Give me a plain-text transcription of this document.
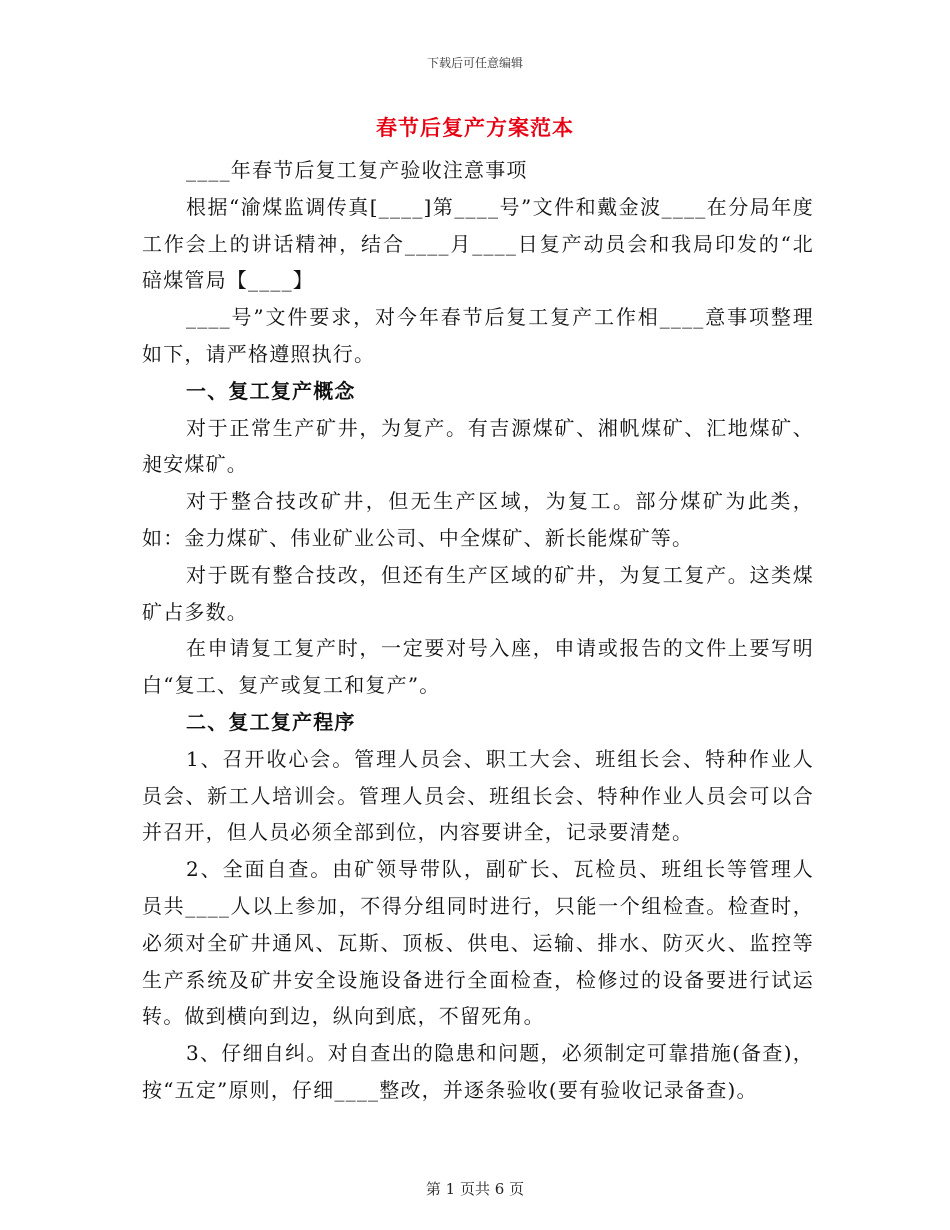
下载后可任意编辑
春节后复产方案范本

____年春节后复工复产验收注意事项

根据“渝煤监调传真[____]第____号”文件和戴金波____在分局年度工作会上的讲话精神，结合____月____日复产动员会和我局印发的“北碚煤管局【____】

____号”文件要求，对今年春节后复工复产工作相____意事项整理如下，请严格遵照执行。

一、复工复产概念

对于正常生产矿井，为复产。有吉源煤矿、湘帆煤矿、汇地煤矿、昶安煤矿。

对于整合技改矿井，但无生产区域，为复工。部分煤矿为此类，如：金力煤矿、伟业矿业公司、中全煤矿、新长能煤矿等。

对于既有整合技改，但还有生产区域的矿井，为复工复产。这类煤矿占多数。

在申请复工复产时，一定要对号入座，申请或报告的文件上要写明白“复工、复产或复工和复产”。

二、复工复产程序

1、召开收心会。管理人员会、职工大会、班组长会、特种作业人员会、新工人培训会。管理人员会、班组长会、特种作业人员会可以合并召开，但人员必须全部到位，内容要讲全，记录要清楚。

2、全面自查。由矿领导带队，副矿长、瓦检员、班组长等管理人员共____人以上参加，不得分组同时进行，只能一个组检查。检查时，必须对全矿井通风、瓦斯、顶板、供电、运输、排水、防灭火、监控等生产系统及矿井安全设施设备进行全面检查，检修过的设备要进行试运转。做到横向到边，纵向到底，不留死角。

3、仔细自纠。对自查出的隐患和问题，必须制定可靠措施(备查)，按“五定”原则，仔细____整改，并逐条验收(要有验收记录备查)。

第 1 页共 6 页
